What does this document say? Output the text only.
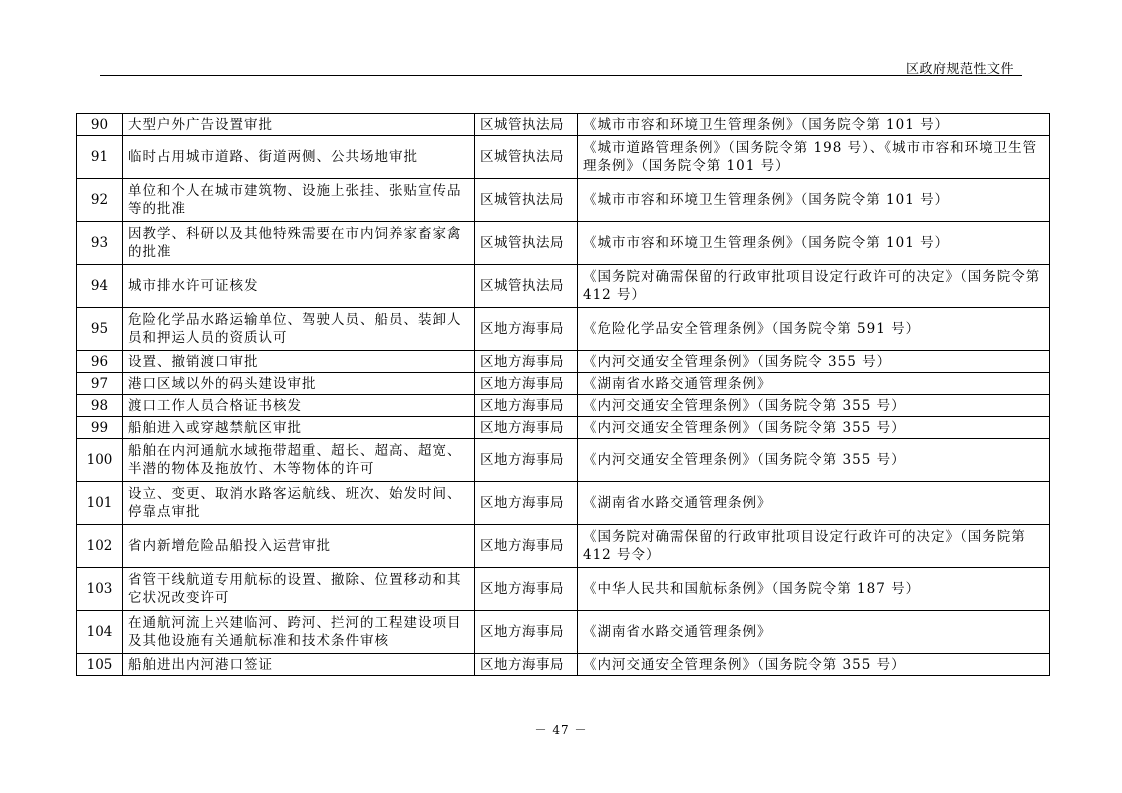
区政府规范性文件
90	大型户外广告设置审批	区城管执法局	《城市市容和环境卫生管理条例》（国务院令第 101 号）
91	临时占用城市道路、街道两侧、公共场地审批	区城管执法局	《城市道路管理条例》（国务院令第 198 号）、《城市市容和环境卫生管理条例》（国务院令第 101 号）
92	单位和个人在城市建筑物、设施上张挂、张贴宣传品等的批准	区城管执法局	《城市市容和环境卫生管理条例》（国务院令第 101 号）
93	因教学、科研以及其他特殊需要在市内饲养家畜家禽的批准	区城管执法局	《城市市容和环境卫生管理条例》（国务院令第 101 号）
94	城市排水许可证核发	区城管执法局	《国务院对确需保留的行政审批项目设定行政许可的决定》（国务院令第 412 号）
95	危险化学品水路运输单位、驾驶人员、船员、装卸人员和押运人员的资质认可	区地方海事局	《危险化学品安全管理条例》（国务院令第 591 号）
96	设置、撤销渡口审批	区地方海事局	《内河交通安全管理条例》（国务院令 355 号）
97	港口区域以外的码头建设审批	区地方海事局	《湖南省水路交通管理条例》
98	渡口工作人员合格证书核发	区地方海事局	《内河交通安全管理条例》（国务院令第 355 号）
99	船舶进入或穿越禁航区审批	区地方海事局	《内河交通安全管理条例》（国务院令第 355 号）
100	船舶在内河通航水域拖带超重、超长、超高、超宽、半潜的物体及拖放竹、木等物体的许可	区地方海事局	《内河交通安全管理条例》（国务院令第 355 号）
101	设立、变更、取消水路客运航线、班次、始发时间、停靠点审批	区地方海事局	《湖南省水路交通管理条例》
102	省内新增危险品船投入运营审批	区地方海事局	《国务院对确需保留的行政审批项目设定行政许可的决定》（国务院第 412 号令）
103	省管干线航道专用航标的设置、撤除、位置移动和其它状况改变许可	区地方海事局	《中华人民共和国航标条例》（国务院令第 187 号）
104	在通航河流上兴建临河、跨河、拦河的工程建设项目及其他设施有关通航标准和技术条件审核	区地方海事局	《湖南省水路交通管理条例》
105	船舶进出内河港口签证	区地方海事局	《内河交通安全管理条例》（国务院令第 355 号）
－ 47 －
